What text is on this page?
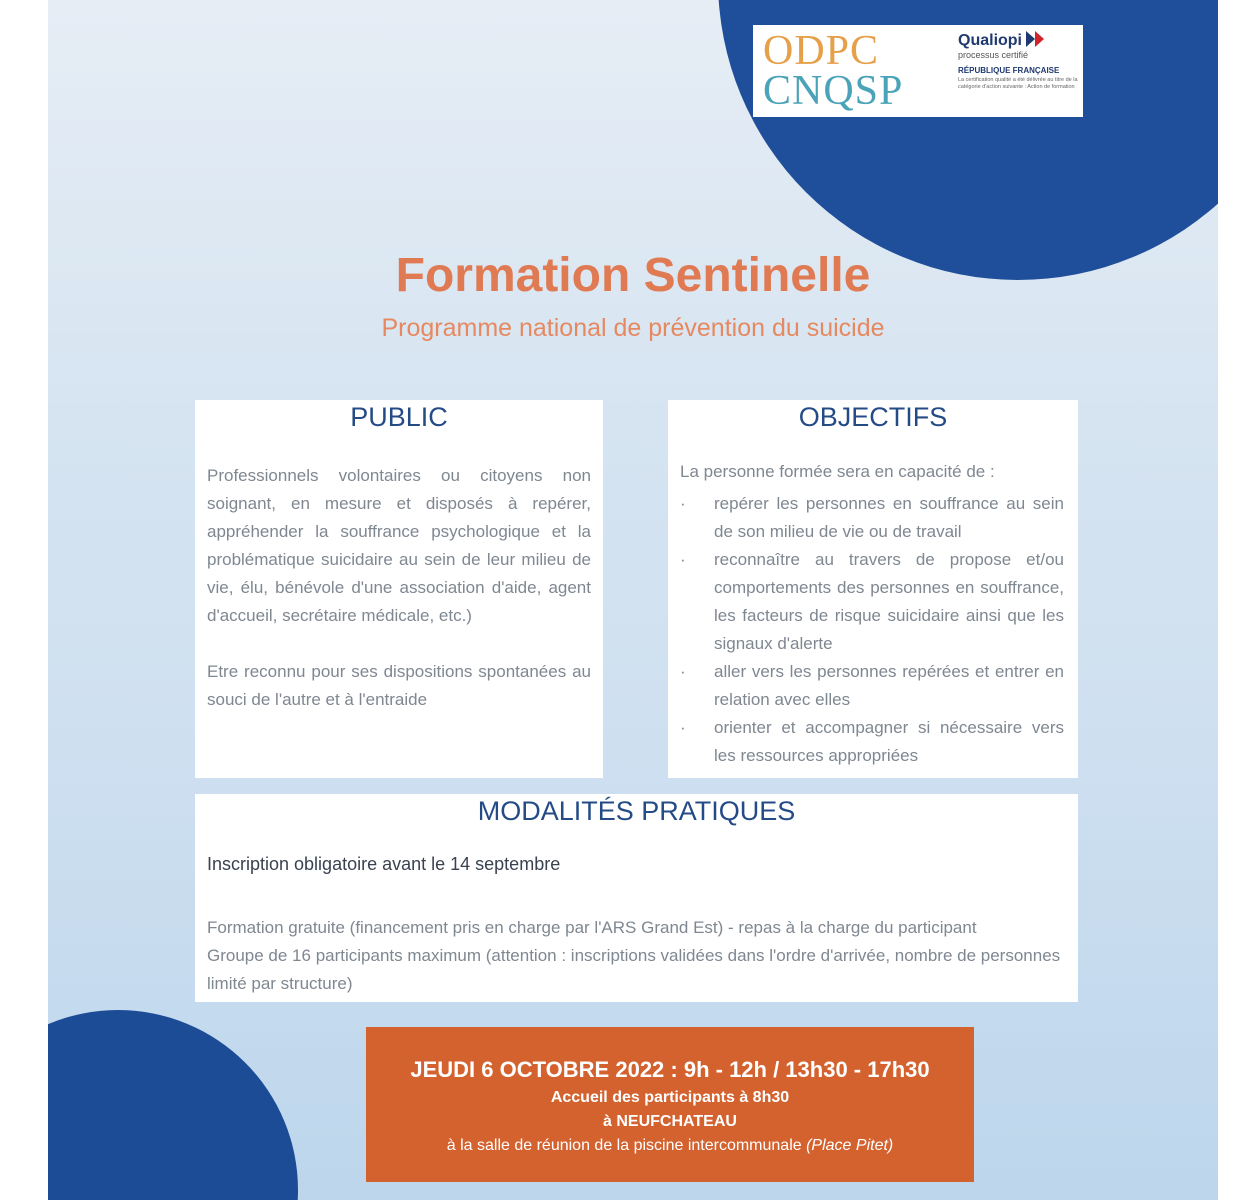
ODPC
CNQSP
Qualiopi
processus certifié
RÉPUBLIQUE FRANÇAISE
La certification qualité a été délivrée au titre de la catégorie d'action suivante : Action de formation
Formation Sentinelle
Programme national de prévention du suicide
PUBLIC
Professionnels volontaires ou citoyens non soignant, en mesure et disposés à repérer, appréhender la souffrance psychologique et la problématique suicidaire au sein de leur milieu de vie, élu, bénévole d'une association d'aide, agent d'accueil, secrétaire médicale, etc.)
Etre reconnu pour ses dispositions spontanées au souci de l'autre et à l'entraide
OBJECTIFS
La personne formée sera en capacité de :
· repérer les personnes en souffrance au sein de son milieu de vie ou de travail
· reconnaître au travers de propose et/ou comportements des personnes en souffrance, les facteurs de risque suicidaire ainsi que les signaux d'alerte
· aller vers les personnes repérées et entrer en relation avec elles
· orienter et accompagner si nécessaire vers les ressources appropriées
MODALITÉS PRATIQUES
Inscription obligatoire avant le 14 septembre
Formation gratuite (financement pris en charge par l'ARS Grand Est) - repas à la charge du participant
Groupe de 16 participants maximum (attention : inscriptions validées dans l'ordre d'arrivée, nombre de personnes limité par structure)
JEUDI 6 OCTOBRE 2022 : 9h - 12h / 13h30 - 17h30
Accueil des participants à 8h30
à NEUFCHATEAU
à la salle de réunion de la piscine intercommunale (Place Pitet)
